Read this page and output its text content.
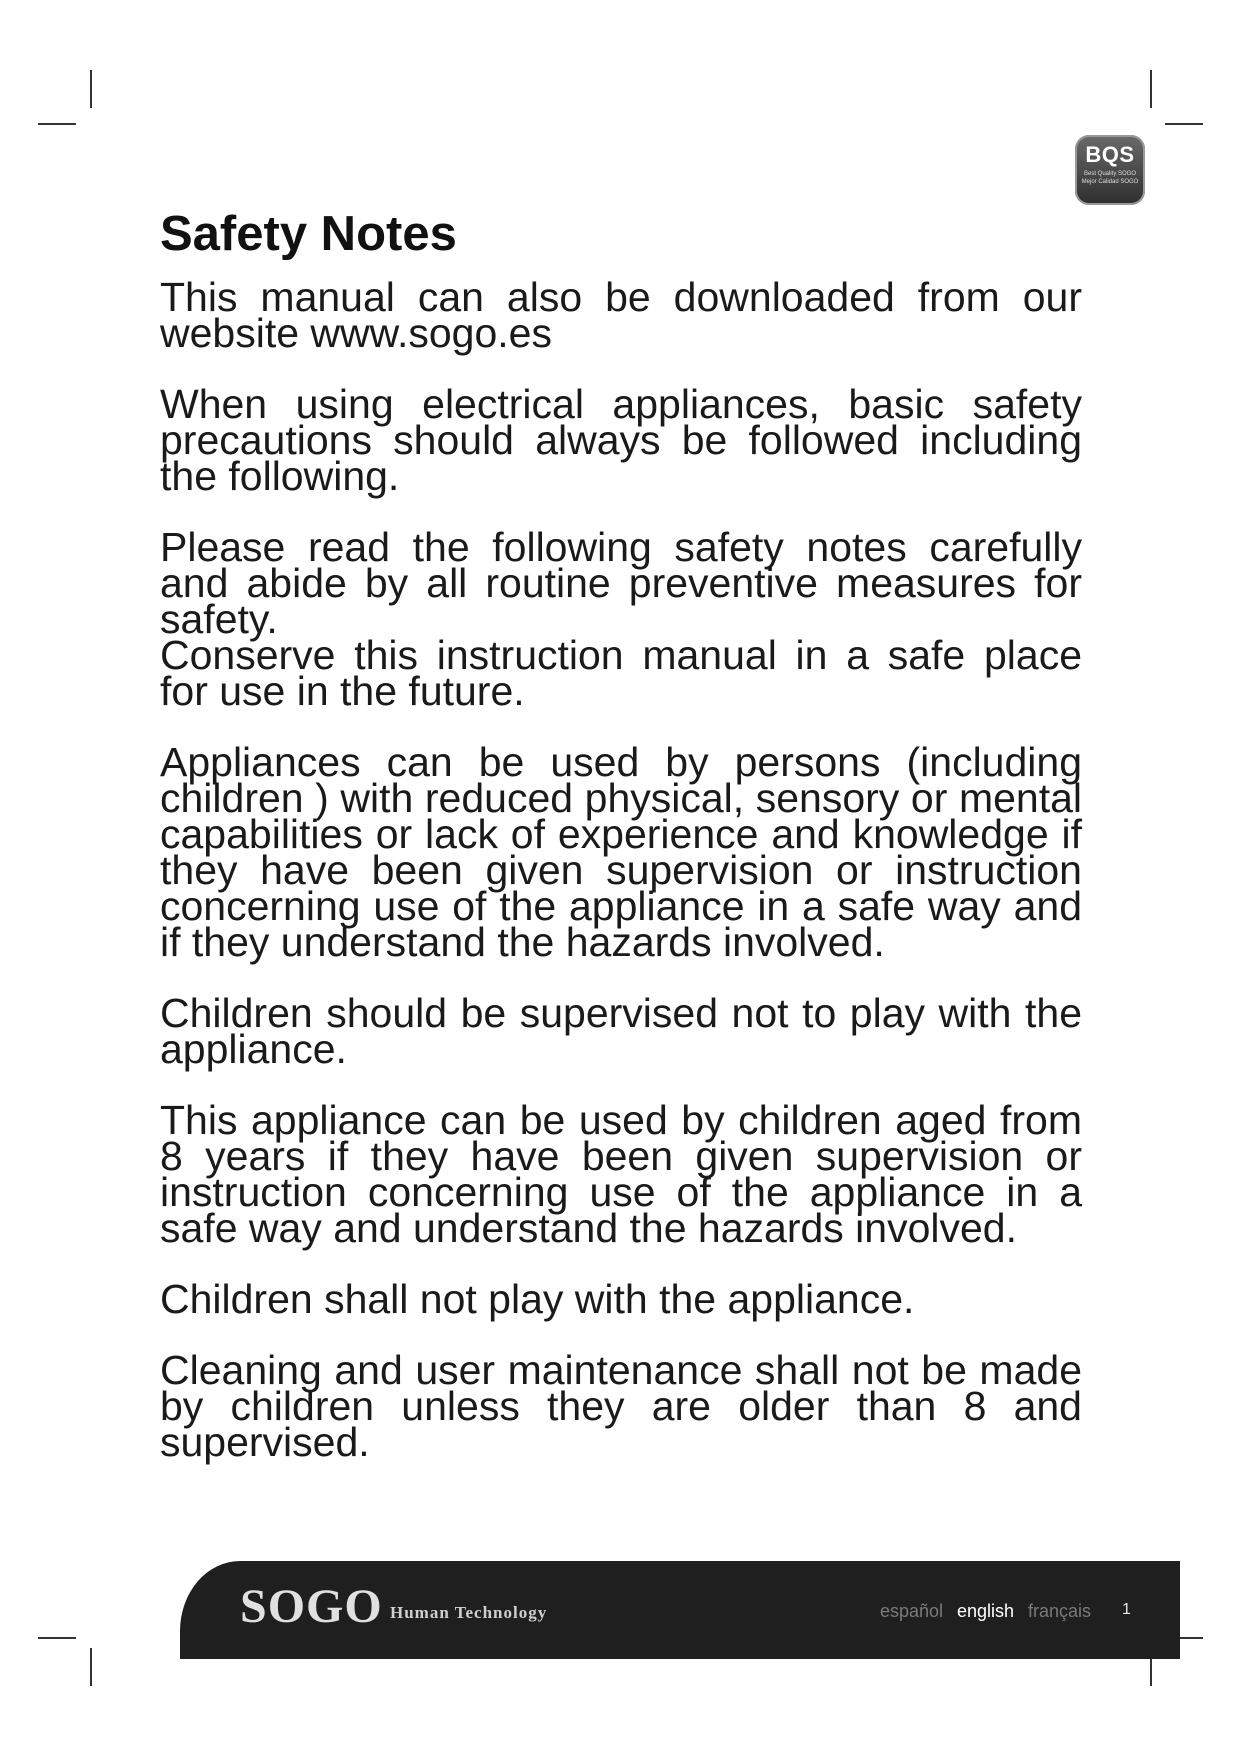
BQS
Best Quality SOGO Mejor Calidad SOGO
Safety Notes

This manual can also be downloaded from our website www.sogo.es

When using electrical appliances, basic safety precautions should always be followed including the following.

Please read the following safety notes carefully and abide by all routine preventive measures for safety.

Conserve this instruction manual in a safe place for use in the future.

Appliances can be used by persons (including children ) with reduced physical, sensory or mental capabilities or lack of experience and knowledge if they have been given supervision or instruction concerning use of the appliance in a safe way and if they understand the hazards involved.

Children should be supervised not to play with the appliance.

This appliance can be used by children aged from 8 years if they have been given supervision or instruction concerning use of the appliance in a safe way and understand the hazards involved.

Children shall not play with the appliance.

Cleaning and user maintenance shall not be made by children unless they are older than 8 and supervised.

SOGO Human Technology	español english français 1
